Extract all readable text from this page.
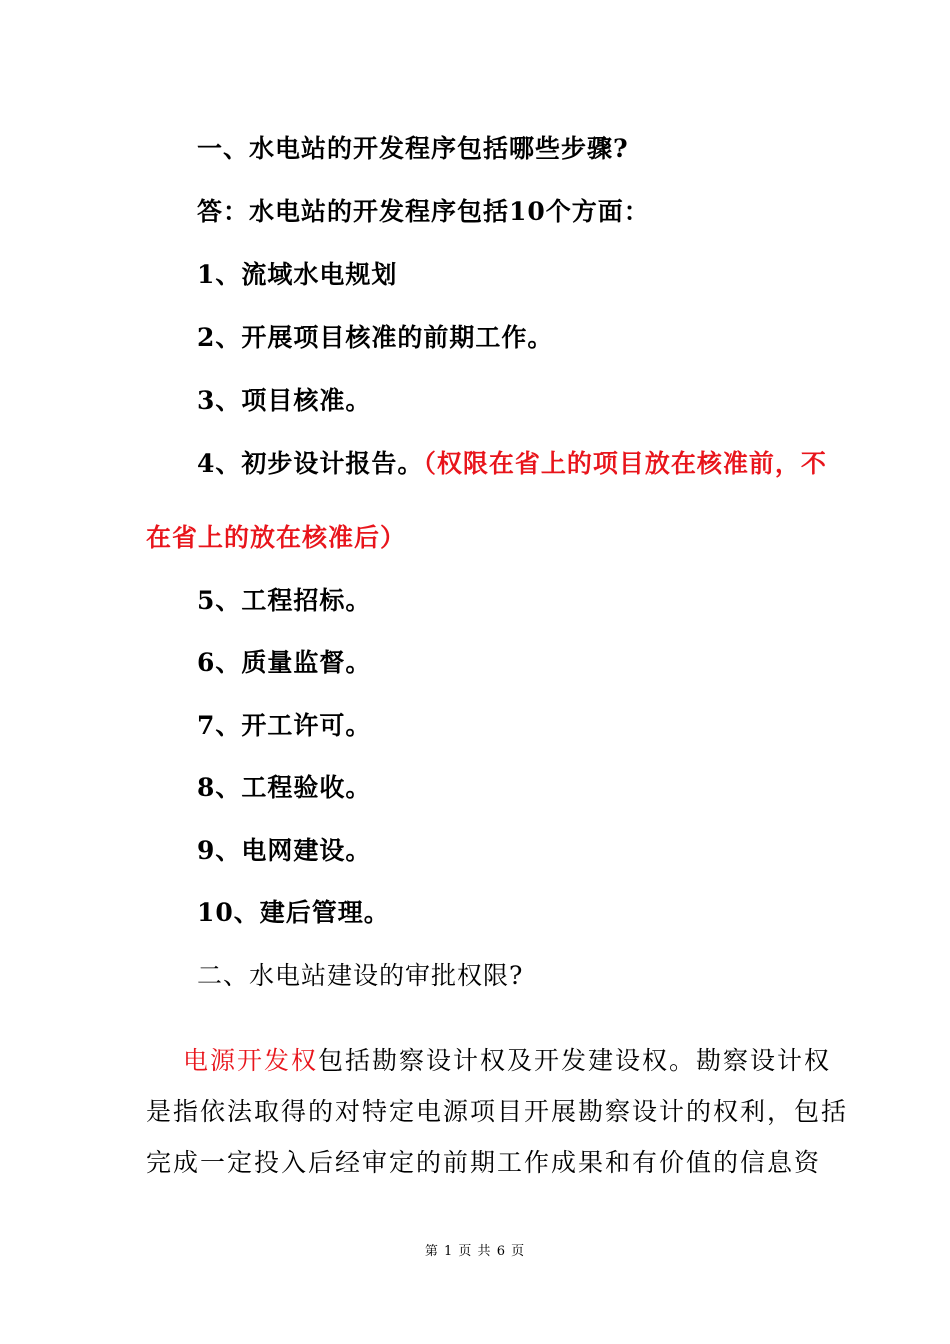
一、水电站的开发程序包括哪些步骤?
答：水电站的开发程序包括10个方面：
1、流域水电规划
2、开展项目核准的前期工作。
3、项目核准。
4、初步设计报告。（权限在省上的项目放在核准前，不
在省上的放在核准后）
5、工程招标。
6、质量监督。
7、开工许可。
8、工程验收。
9、电网建设。
10、建后管理。
二、水电站建设的审批权限?
电源开发权包括勘察设计权及开发建设权。勘察设计权
是指依法取得的对特定电源项目开展勘察设计的权利，包括
完成一定投入后经审定的前期工作成果和有价值的信息资
第 1 页 共 6 页
